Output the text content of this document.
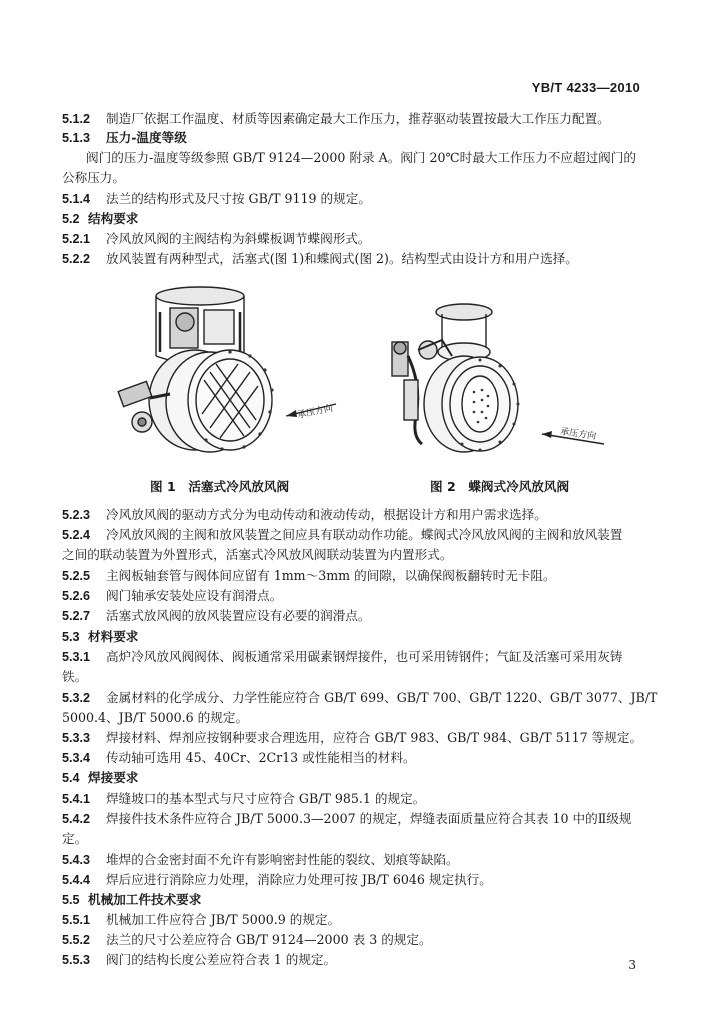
YB/T 4233—2010
5.1.2 制造厂依据工作温度、材质等因素确定最大工作压力，推荐驱动装置按最大工作压力配置。
5.1.3 压力-温度等级
阀门的压力-温度等级参照 GB/T 9124—2000 附录 A。阀门 20℃时最大工作压力不应超过阀门的
公称压力。
5.1.4 法兰的结构形式及尺寸按 GB/T 9119 的规定。
5.2 结构要求
5.2.1 冷风放风阀的主阀结构为斜蝶板调节蝶阀形式。
5.2.2 放风装置有两种型式，活塞式(图 1)和蝶阀式(图 2)。结构型式由设计方和用户选择。
承压方向
承压方向
图 1　活塞式冷风放风阀	图 2　蝶阀式冷风放风阀
5.2.3 冷风放风阀的驱动方式分为电动传动和液动传动，根据设计方和用户需求选择。
5.2.4 冷风放风阀的主阀和放风装置之间应具有联动动作功能。蝶阀式冷风放风阀的主阀和放风装置
之间的联动装置为外置形式，活塞式冷风放风阀联动装置为内置形式。
5.2.5 主阀板轴套管与阀体间应留有 1mm～3mm 的间隙，以确保阀板翻转时无卡阻。
5.2.6 阀门轴承安装处应设有润滑点。
5.2.7 活塞式放风阀的放风装置应设有必要的润滑点。
5.3 材料要求
5.3.1 高炉冷风放风阀阀体、阀板通常采用碳素钢焊接件，也可采用铸钢件；气缸及活塞可采用灰铸
铁。
5.3.2 金属材料的化学成分、力学性能应符合 GB/T 699、GB/T 700、GB/T 1220、GB/T 3077、JB/T
5000.4、JB/T 5000.6 的规定。
5.3.3 焊接材料、焊剂应按钢种要求合理选用，应符合 GB/T 983、GB/T 984、GB/T 5117 等规定。
5.3.4 传动轴可选用 45、40Cr、2Cr13 或性能相当的材料。
5.4 焊接要求
5.4.1 焊缝坡口的基本型式与尺寸应符合 GB/T 985.1 的规定。
5.4.2 焊接件技术条件应符合 JB/T 5000.3—2007 的规定，焊缝表面质量应符合其表 10 中的Ⅱ级规
定。
5.4.3 堆焊的合金密封面不允许有影响密封性能的裂纹、划痕等缺陷。
5.4.4 焊后应进行消除应力处理，消除应力处理可按 JB/T 6046 规定执行。
5.5 机械加工件技术要求
5.5.1 机械加工件应符合 JB/T 5000.9 的规定。
5.5.2 法兰的尺寸公差应符合 GB/T 9124—2000 表 3 的规定。
5.5.3 阀门的结构长度公差应符合表 1 的规定。	3
